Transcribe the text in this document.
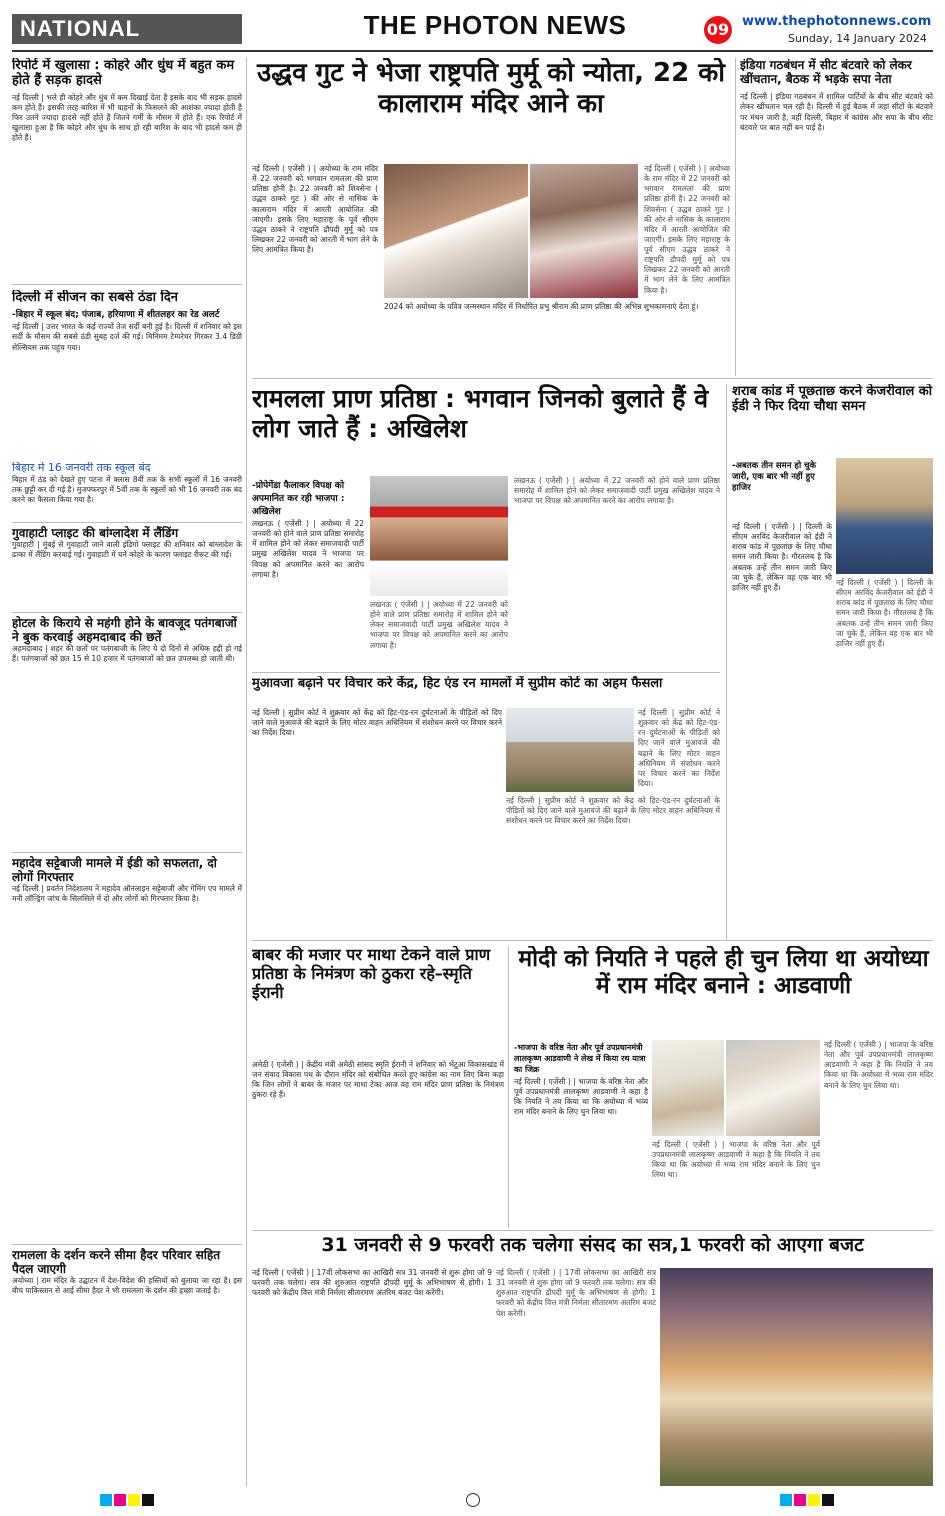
NATIONAL	THE PHOTON NEWS	09 www.thephotonnews.com
Sunday, 14 January 2024
रिपोर्ट में खुलासा : कोहरे और धुंध में बहुत कम होते हैं सड़क हादसे
नई दिल्ली | भले ही कोहरे और धुंध में कम दिखाई देता है इसके बाद भी सड़क हादसे कम होते हैं। इसकी तरह बारिश में भी वाहनों के फिसलने की आशंका ज्यादा होती है फिर उतने ज्यादा हादसे नहीं होते हैं जितने गर्मी के मौसम में होते हैं। एक रिपोर्ट में खुलासा हुआ है कि कोहरे और धुंध के साथ हो रही बारिश के बाद भी हादसे कम ही होते हैं।
दिल्ली में सीजन का सबसे ठंडा दिन
-बिहार में स्कूल बंद; पंजाब, हरियाणा में शीतलहर का रेड अलर्ट
नई दिल्ली | उत्तर भारत के कई राज्यों तेज सर्दी बनी हुई है। दिल्ली में शनिवार को इस सर्दी के मौसम की सबसे ठंडी सुबह दर्ज की गई। मिनिमम टेम्परेचर गिरकर 3.4 डिग्री सेल्सियस तक पहुंच गया।
बिहार में 16 जनवरी तक स्कूल बंद
बिहार में ठंड को देखते हुए पटना में क्लास 8वीं तक के सभी स्कूलों में 16 जनवरी तक छुट्टी कर दी गई है। मुजफ्फरपुर में 5वीं तक के स्कूलों को भी 16 जनवरी तक बंद करने का फैसला किया गया है।
गुवाहाटी प्लाइट की बांग्लादेश में लैंडिंग
गुवाहाटी | मुंबई से गुवाहाटी जाने वाली इंडिगो फ्लाइट की शनिवार को बांग्लादेश के ढाका में लैंडिंग करवाई गई। गुवाहाटी में घने कोहरे के कारण फ्लाइट रीरूट की गई।
होटल के किराये से महंगी होने के बावजूद पतंगबाजों ने बुक करवाई अहमदाबाद की छतें
अहमदाबाद | शहर की छतों पर पतंगबाजी के लिए ये दो दिनों से अधिक हद्दी हो गई हैं। पतंगबाजों को छत 15 से 10 हजार में पतंगबाजों को छत उपलब्ध हो जाती थी।
महादेव सट्टेबाजी मामले में ईडी को सफलता, दो लोगों गिरफ्तार
नई दिल्ली | प्रवर्तन निदेशालय ने महादेव ऑनलाइन सट्टेबाजी और गेमिंग एप मामले में मनी लॉन्ड्रिंग जांच के सिलसिले में दो और लोगों को गिरफ्तार किया है।
रामलला के दर्शन करने सीमा हैदर परिवार सहित पैदल जाएगी
अयोध्या | राम मंदिर के उद्घाटन में देश-विदेश की हस्तियों को बुलाया जा रहा है। इस बीच पाकिस्तान से आई सीमा हैदर ने भी रामलला के दर्शन की इच्छा जताई है।
उद्धव गुट ने भेजा राष्ट्रपति मुर्मू को न्योता, 22 को कालाराम मंदिर आने का
नई दिल्ली ( एजेंसी ) | अयोध्या के राम मंदिर में 22 जनवरी को भगवान रामलला की प्राण प्रतिष्ठा होनी है। 22 जनवरी को शिवसेना ( उद्धव ठाकरे गुट ) की ओर से नासिक के कालाराम मंदिर में आरती आयोजित की जाएगी। इसके लिए महाराष्ट्र के पूर्व सीएम उद्धव ठाकरे ने राष्ट्रपति द्रौपदी मुर्मू को पत्र लिखकर 22 जनवरी को आरती में भाग लेने के लिए आमंत्रित किया है।
नई दिल्ली ( एजेंसी ) | अयोध्या के राम मंदिर में 22 जनवरी को भगवान रामलला की प्राण प्रतिष्ठा होनी है। 22 जनवरी को शिवसेना ( उद्धव ठाकरे गुट ) की ओर से नासिक के कालाराम मंदिर में आरती आयोजित की जाएगी। इसके लिए महाराष्ट्र के पूर्व सीएम उद्धव ठाकरे ने राष्ट्रपति द्रौपदी मुर्मू को पत्र लिखकर 22 जनवरी को आरती में भाग लेने के लिए आमंत्रित किया है।
2024 को अयोध्या के पवित्र जन्मस्थान मंदिर में निर्धारित प्रभु श्रीराम की प्राण प्रतिष्ठा की अभिन्न शुभकामनाएं देता हूं।
इंडिया गठबंधन में सीट बंटवारे को लेकर खींचतान, बैठक में भड़के सपा नेता
नई दिल्ली | इंडिया गठबंधन में शामिल पार्टियों के बीच सीट बंटवारे को लेकर खींचतान चल रही है। दिल्ली में हुई बैठक में जहां सीटों के बंटवारे पर मंथन जारी है, वहीं दिल्ली, बिहार में कांग्रेस और सपा के बीच सीट बंटवारे पर बात नहीं बन पाई है।
रामलला प्राण प्रतिष्ठा : भगवान जिनको बुलाते हैं वे लोग जाते हैं : अखिलेश
-प्रोपेगेंडा फैलाकर विपक्ष को अपमानित कर रही भाजपा : अखिलेश
लखनऊ ( एजेंसी ) | अयोध्या में 22 जनवरी को होने वाले प्राण प्रतिष्ठा समारोह में शामिल होने को लेकर समाजवादी पार्टी प्रमुख अखिलेश यादव ने भाजपा पर विपक्ष को अपमानित करने का आरोप लगाया है।
लखनऊ ( एजेंसी ) | अयोध्या में 22 जनवरी को होने वाले प्राण प्रतिष्ठा समारोह में शामिल होने को लेकर समाजवादी पार्टी प्रमुख अखिलेश यादव ने भाजपा पर विपक्ष को अपमानित करने का आरोप लगाया है।
लखनऊ ( एजेंसी ) | अयोध्या में 22 जनवरी को होने वाले प्राण प्रतिष्ठा समारोह में शामिल होने को लेकर समाजवादी पार्टी प्रमुख अखिलेश यादव ने भाजपा पर विपक्ष को अपमानित करने का आरोप लगाया है।
शराब कांड में पूछताछ करने केजरीवाल को ईडी ने फिर दिया चौथा समन
-अबतक तीन समन हो चुके जारी, एक बार भी नहीं हुए हाजिर
नई दिल्ली ( एजेंसी ) | दिल्ली के सीएम अरविंद केजरीवाल को ईडी ने शराब कांड में पूछताछ के लिए चौथा समन जारी किया है। गौरतलब है कि अबतक उन्हें तीन समन जारी किए जा चुके हैं, लेकिन वह एक बार भी हाजिर नहीं हुए हैं।
नई दिल्ली ( एजेंसी ) | दिल्ली के सीएम अरविंद केजरीवाल को ईडी ने शराब कांड में पूछताछ के लिए चौथा समन जारी किया है। गौरतलब है कि अबतक उन्हें तीन समन जारी किए जा चुके हैं, लेकिन वह एक बार भी हाजिर नहीं हुए हैं।
मुआवजा बढ़ाने पर विचार करे केंद्र, हिट एंड रन मामलों में सुप्रीम कोर्ट का अहम फैसला
नई दिल्ली | सुप्रीम कोर्ट ने शुक्रवार को केंद्र को हिट-एंड-रन दुर्घटनाओं के पीड़ितों को दिए जाने वाले मुआवजे की बढ़ाने के लिए मोटर वाहन अधिनियम में संशोधन करने पर विचार करने का निर्देश दिया।
नई दिल्ली | सुप्रीम कोर्ट ने शुक्रवार को केंद्र को हिट-एंड-रन दुर्घटनाओं के पीड़ितों को दिए जाने वाले मुआवजे की बढ़ाने के लिए मोटर वाहन अधिनियम में संशोधन करने पर विचार करने का निर्देश दिया।
नई दिल्ली | सुप्रीम कोर्ट ने शुक्रवार को केंद्र को हिट-एंड-रन दुर्घटनाओं के पीड़ितों को दिए जाने वाले मुआवजे की बढ़ाने के लिए मोटर वाहन अधिनियम में संशोधन करने पर विचार करने का निर्देश दिया।
बाबर की मजार पर माथा टेकने वाले प्राण प्रतिष्ठा के निमंत्रण को ठुकरा रहे–स्मृति ईरानी
अमेठी ( एजेंसी ) | केंद्रीय मंत्री अमेठी सांसद स्मृति ईरानी ने शनिवार को भेंटुआ विकासखंड में जन संवाद विकास पथ के दौरान मंदिर को संबोधित करते हुए कांग्रेस का नाम लिए बिना कहा कि जिन लोगों ने बाबर के मजार पर माथा टेका आज वह राम मंदिर प्राण प्रतिष्ठा के निमंत्रण ठुकरा रहे हैं।
मोदी को नियति ने पहले ही चुन लिया था अयोध्या में राम मंदिर बनाने : आडवाणी
-भाजपा के वरिष्ठ नेता और पूर्व उपप्रधानमंत्री लालकृष्ण आडवाणी ने लेख में किया रथ यात्रा का जिक्र
नई दिल्ली ( एजेंसी ) | भाजपा के वरिष्ठ नेता और पूर्व उपप्रधानमंत्री लालकृष्ण आडवाणी ने कहा है कि नियति ने तय किया था कि अयोध्या में भव्य राम मंदिर बनाने के लिए चुन लिया था।
नई दिल्ली ( एजेंसी ) | भाजपा के वरिष्ठ नेता और पूर्व उपप्रधानमंत्री लालकृष्ण आडवाणी ने कहा है कि नियति ने तय किया था कि अयोध्या में भव्य राम मंदिर बनाने के लिए चुन लिया था।
नई दिल्ली ( एजेंसी ) | भाजपा के वरिष्ठ नेता और पूर्व उपप्रधानमंत्री लालकृष्ण आडवाणी ने कहा है कि नियति ने तय किया था कि अयोध्या में भव्य राम मंदिर बनाने के लिए चुन लिया था।
31 जनवरी से 9 फरवरी तक चलेगा संसद का सत्र,1 फरवरी को आएगा बजट
नई दिल्ली ( एजेंसी ) | 17वीं लोकसभा का आखिरी सत्र 31 जनवरी से शुरू होगा जो 9 फरवरी तक चलेगा। सत्र की शुरुआत राष्ट्रपति द्रौपदी मुर्मू के अभिभाषण से होगी। 1 फरवरी को केंद्रीय वित्त मंत्री निर्मला सीतारमण अंतरिम बजट पेश करेंगी।
नई दिल्ली ( एजेंसी ) | 17वीं लोकसभा का आखिरी सत्र 31 जनवरी से शुरू होगा जो 9 फरवरी तक चलेगा। सत्र की शुरुआत राष्ट्रपति द्रौपदी मुर्मू के अभिभाषण से होगी। 1 फरवरी को केंद्रीय वित्त मंत्री निर्मला सीतारमण अंतरिम बजट पेश करेंगी।
